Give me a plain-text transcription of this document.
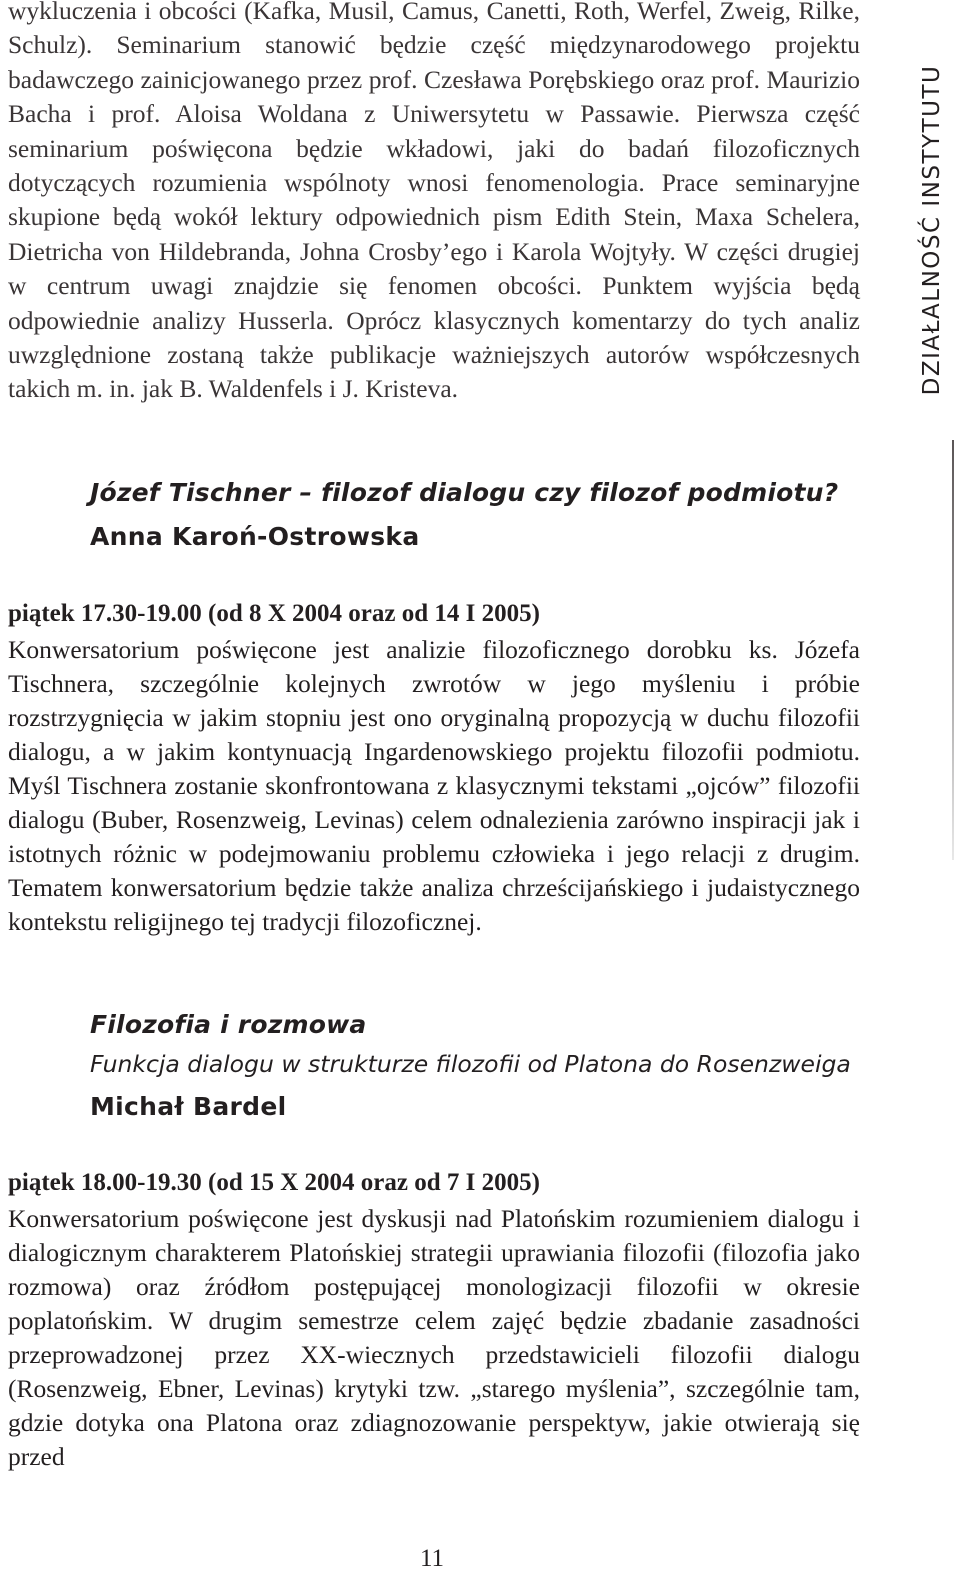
wykluczenia i obcości (Kafka, Musil, Camus, Canetti, Roth, Werfel, Zweig, Rilke, Schulz). Seminarium stanowić będzie część międzynarodowego projektu badawczego zainicjowanego przez prof. Czesława Porębskiego oraz prof. Maurizio Bacha i prof. Aloisa Woldana z Uniwersytetu w Passawie. Pierwsza część seminarium poświęcona będzie wkładowi, jaki do badań filozoficznych dotyczących rozumienia wspólnoty wnosi fenomenologia. Prace seminaryjne skupione będą wokół lektury odpowiednich pism Edith Stein, Maxa Schelera, Dietricha von Hildebranda, Johna Crosby’ego i Karola Wojtyły. W części drugiej w centrum uwagi znajdzie się fenomen obcości. Punktem wyjścia będą odpowiednie analizy Husserla. Oprócz klasycznych komentarzy do tych analiz uwzględnione zostaną także publikacje ważniejszych autorów współczesnych takich m. in. jak B. Waldenfels i J. Kristeva.

Józef Tischner – filozof dialogu czy filozof podmiotu?
Anna Karoń-Ostrowska
piątek 17.30-19.00 (od 8 X 2004 oraz od 14 I 2005)

Konwersatorium poświęcone jest analizie filozoficznego dorobku ks. Józefa Tischnera, szczególnie kolejnych zwrotów w jego myśleniu i próbie rozstrzygnięcia w jakim stopniu jest ono oryginalną propozycją w duchu filozofii dialogu, a w jakim kontynuacją Ingardenowskiego projektu filozofii podmiotu. Myśl Tischnera zostanie skonfrontowana z klasycznymi tekstami „ojców” filozofii dialogu (Buber, Rosenzweig, Levinas) celem odnalezienia zarówno inspiracji jak i istotnych różnic w podejmowaniu problemu człowieka i jego relacji z drugim. Tematem konwersatorium będzie także analiza chrześcijańskiego i judaistycznego kontekstu religijnego tej tradycji filozoficznej.

Filozofia i rozmowa
Funkcja dialogu w strukturze filozofii od Platona do Rosenzweiga
Michał Bardel
piątek 18.00-19.30 (od 15 X 2004 oraz od 7 I 2005)

Konwersatorium poświęcone jest dyskusji nad Platońskim rozumieniem dialogu i dialogicznym charakterem Platońskiej strategii uprawiania filozofii (filozofia jako rozmowa) oraz źródłom postępującej monologizacji filozofii w okresie poplatońskim. W drugim semestrze celem zajęć będzie zbadanie zasadności przeprowadzonej przez XX-wiecznych przedstawicieli filozofii dialogu (Rosenzweig, Ebner, Levinas) krytyki tzw. „starego myślenia”, szczególnie tam, gdzie dotyka ona Platona oraz zdiagnozowanie perspektyw, jakie otwierają się przed

DZIAŁALNOŚĆ INSTYTUTU
11
